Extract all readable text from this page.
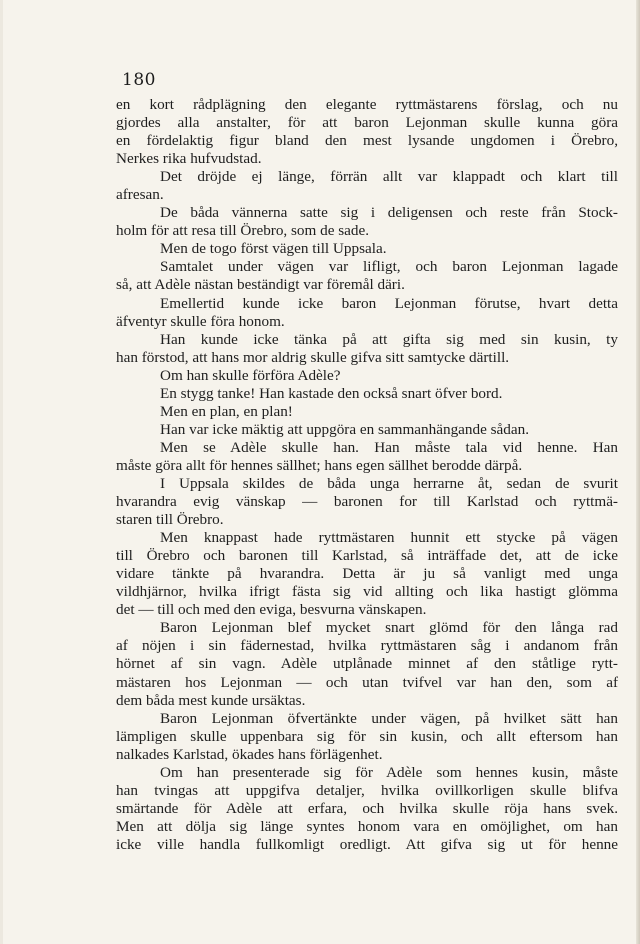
180
en kort rådplägning den elegante ryttmästarens förslag, och nu
gjordes alla anstalter, för att baron Lejonman skulle kunna göra
en fördelaktig figur bland den mest lysande ungdomen i Örebro,
Nerkes rika hufvudstad.
Det dröjde ej länge, förrän allt var klappadt och klart till
afresan.
De båda vännerna satte sig i deligensen och reste från Stock-
holm för att resa till Örebro, som de sade.
Men de togo först vägen till Uppsala.
Samtalet under vägen var lifligt, och baron Lejonman lagade
så, att Adèle nästan beständigt var föremål däri.
Emellertid kunde icke baron Lejonman förutse, hvart detta
äfventyr skulle föra honom.
Han kunde icke tänka på att gifta sig med sin kusin, ty
han förstod, att hans mor aldrig skulle gifva sitt samtycke därtill.
Om han skulle förföra Adèle?
En stygg tanke! Han kastade den också snart öfver bord.
Men en plan, en plan!
Han var icke mäktig att uppgöra en sammanhängande sådan.
Men se Adèle skulle han. Han måste tala vid henne. Han
måste göra allt för hennes sällhet; hans egen sällhet berodde därpå.
I Uppsala skildes de båda unga herrarne åt, sedan de svurit
hvarandra evig vänskap — baronen for till Karlstad och ryttmä-
staren till Örebro.
Men knappast hade ryttmästaren hunnit ett stycke på vägen
till Örebro och baronen till Karlstad, så inträffade det, att de icke
vidare tänkte på hvarandra. Detta är ju så vanligt med unga
vildhjärnor, hvilka ifrigt fästa sig vid allting och lika hastigt glömma
det — till och med den eviga, besvurna vänskapen.
Baron Lejonman blef mycket snart glömd för den långa rad
af nöjen i sin fädernestad, hvilka ryttmästaren såg i andanom från
hörnet af sin vagn. Adèle utplånade minnet af den ståtlige rytt-
mästaren hos Lejonman — och utan tvifvel var han den, som af
dem båda mest kunde ursäktas.
Baron Lejonman öfvertänkte under vägen, på hvilket sätt han
lämpligen skulle uppenbara sig för sin kusin, och allt eftersom han
nalkades Karlstad, ökades hans förlägenhet.
Om han presenterade sig för Adèle som hennes kusin, måste
han tvingas att uppgifva detaljer, hvilka ovillkorligen skulle blifva
smärtande för Adèle att erfara, och hvilka skulle röja hans svek.
Men att dölja sig länge syntes honom vara en omöjlighet, om han
icke ville handla fullkomligt oredligt. Att gifva sig ut för henne
